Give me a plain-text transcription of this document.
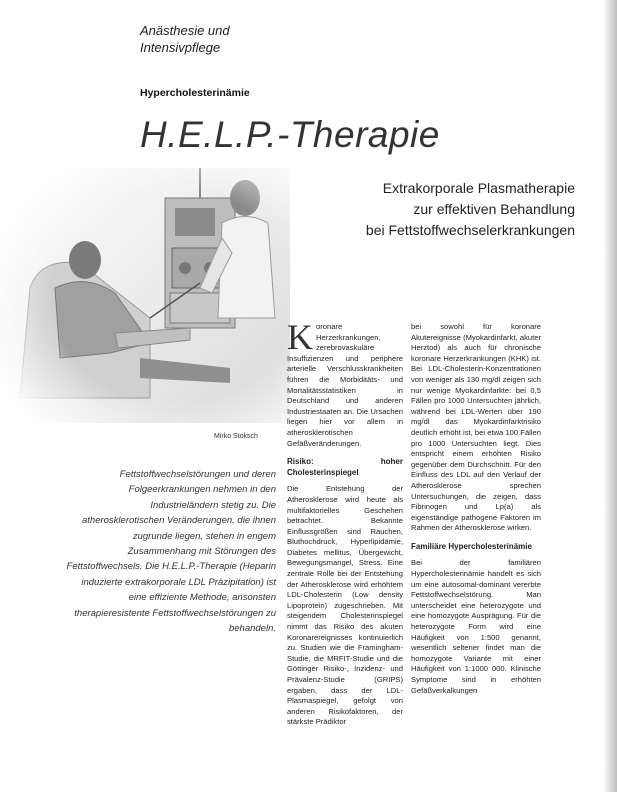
Anästhesie und
Intensivpflege
Hypercholesterinämie
H.E.L.P.-Therapie
Extrakorporale Plasmatherapie
zur effektiven Behandlung
bei Fettstoffwechselerkrankungen
Mirko Stoksch
Fettstoffwechselstörungen und deren Folgeerkrankungen nehmen in den Industrieländern stetig zu. Die atherosklerotischen Veränderungen, die ihnen zugrunde liegen, stehen in engem Zusammenhang mit Störungen des Fettstoffwechsels. Die H.E.L.P.-Therapie (Heparin induzierte extrakorporale LDL Präzipitation) ist eine effiziente Methode, ansonsten therapieresistente Fettstoffwechselstörungen zu behandeln.

Koronare Herzerkrankungen, zerebrovaskuläre Insuffizienzen und periphere arterielle Verschlusskrankheiten führen die Morbiditäts- und Mortalitätsstatistiken in Deutschland und anderen Industriestaaten an. Die Ursachen liegen hier vor allem in atherosklerotischen Gefäßveränderungen.

Risiko: hoher Cholesterinspiegel

Die Entstehung der Atherosklerose wird heute als multifaktorielles Geschehen betrachtet. Bekannte Einflussgrößen sind Rauchen, Bluthochdruck, Hyperlipidämie, Diabetes mellitus, Übergewicht, Bewegungsmangel, Stress. Eine zentrale Rolle bei der Entstehung der Atherosklerose wird erhöhtem LDL-Cholesterin (Low density Lipoprotein) zugeschrieben. Mit steigendem Cholesterinspiegel nimmt das Risiko des akuten Koronarereignisses kontinuierlich zu. Studien wie die Framingham-Studie, die MRFIT-Studie und die Göttinger Risiko-, Inzidenz- und Prävalenz-Studie (GRIPS) ergaben, dass der LDL-Plasmaspiegel, gefolgt von anderen Risikofaktoren, der stärkste Prädiktor

bei sowohl für koronare Akutereignisse (Myokardinfarkt, akuter Herztod) als auch für chronische koronare Herzerkrankungen (KHK) ist. Bei LDL-Cholesterin-Konzentrationen von weniger als 130 mg/dl zeigen sich nur wenige Myokardinfarkte: bei 0,5 Fällen pro 1000 Untersuchten jährlich, während bei LDL-Werten über 190 mg/dl das Myokardinfarktrisiko deutlich erhöht ist, bei etwa 100 Fällen pro 1000 Untersuchten liegt. Dies entspricht einem erhöhten Risiko gegenüber dem Durchschnitt. Für den Einfluss des LDL auf den Verlauf der Atherosklerose sprechen Untersuchungen, die zeigen, dass Fibrinogen und Lp(a) als eigenständige pathogene Faktoren im Rahmen der Atherosklerose wirken.

Familiäre Hypercholesterinämie

Bei der familiären Hypercholesterinämie handelt es sich um eine autosomal-dominant vererbte Fettstoffwechselstörung. Man unterscheidet eine heterozygote und eine homozygote Ausprägung. Für die heterozygote Form wird eine Häufigkeit von 1:500 genannt, wesentlich seltener findet man die homozygote Variante mit einer Häufigkeit von 1:1000 000. Klinische Symptome sind in erhöhten Gefäßverkalkungen
